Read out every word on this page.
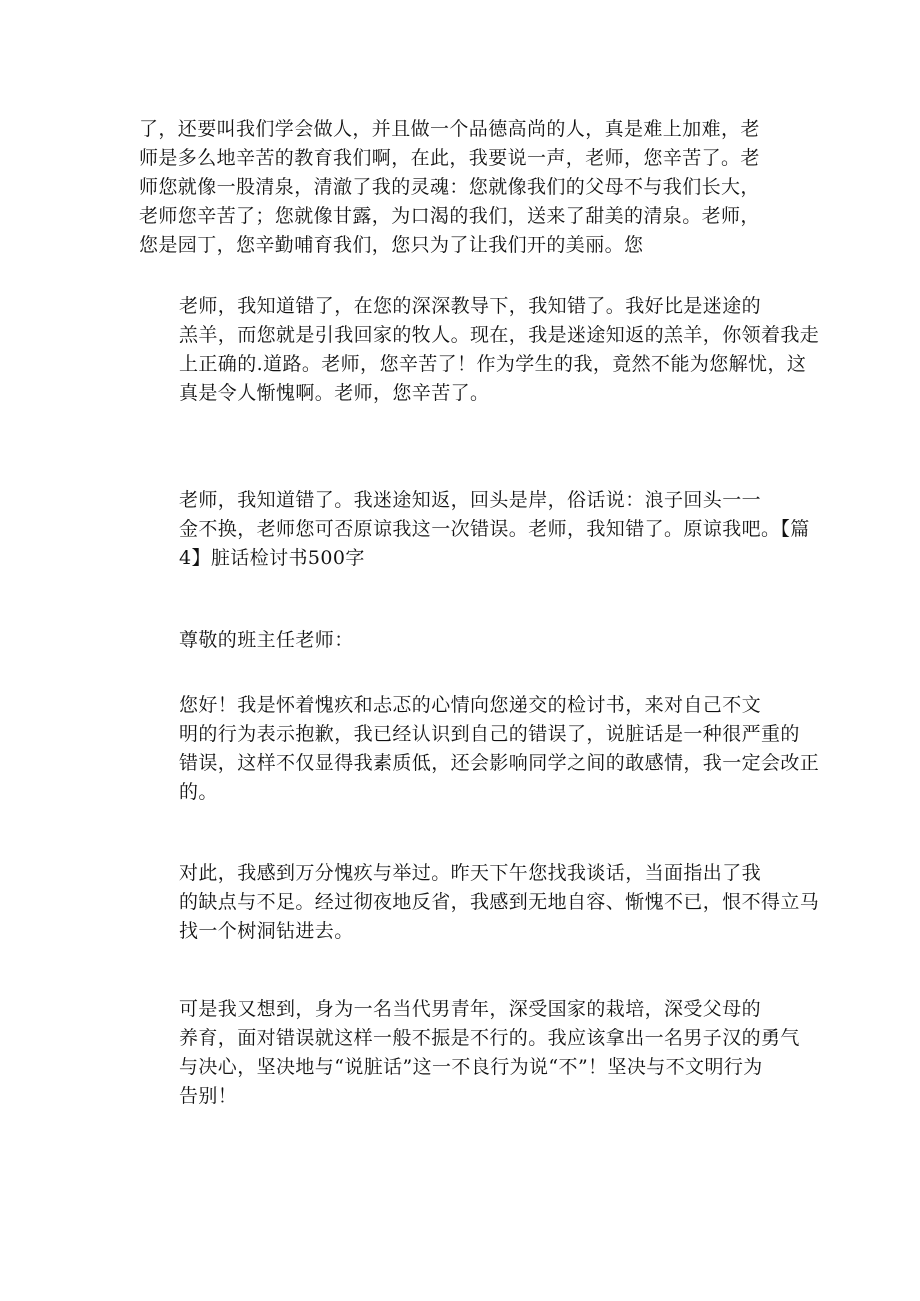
了，还要叫我们学会做人，并且做一个品德高尚的人，真是难上加难，老
师是多么地辛苦的教育我们啊，在此，我要说一声，老师，您辛苦了。老
师您就像一股清泉，清澈了我的灵魂：您就像我们的父母不与我们长大，
老师您辛苦了；您就像甘露，为口渴的我们，送来了甜美的清泉。老师，
您是园丁，您辛勤哺育我们，您只为了让我们开的美丽。您

老师，我知道错了，在您的深深教导下，我知错了。我好比是迷途的
羔羊，而您就是引我回家的牧人。现在，我是迷途知返的羔羊，你领着我走
上正确的.道路。老师，您辛苦了！作为学生的我，竟然不能为您解忧，这
真是令人惭愧啊。老师，您辛苦了。

老师，我知道错了。我迷途知返，回头是岸，俗话说：浪子回头一一
金不换，老师您可否原谅我这一次错误。老师，我知错了。原谅我吧。【篇
4】脏话检讨书500字

尊敬的班主任老师：

您好！我是怀着愧疚和忐忑的心情向您递交的检讨书，来对自己不文
明的行为表示抱歉，我已经认识到自己的错误了，说脏话是一种很严重的
错误，这样不仅显得我素质低，还会影响同学之间的敢感情，我一定会改正
的。

对此，我感到万分愧疚与举过。昨天下午您找我谈话，当面指出了我
的缺点与不足。经过彻夜地反省，我感到无地自容、惭愧不已，恨不得立马
找一个树洞钻进去。

可是我又想到，身为一名当代男青年，深受国家的栽培，深受父母的
养育，面对错误就这样一般不振是不行的。我应该拿出一名男子汉的勇气
与决心，坚决地与“说脏话”这一不良行为说“不”！坚决与不文明行为
告别！
